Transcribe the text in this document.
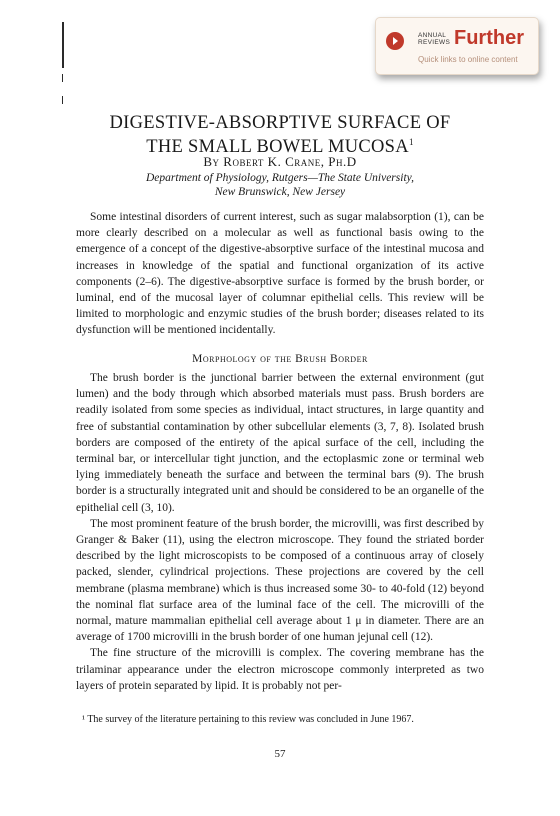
ANNUAL
REVIEWS Further
Quick links to online content
DIGESTIVE-ABSORPTIVE SURFACE OF
THE SMALL BOWEL MUCOSA$^1$
By Robert K. Crane, Ph.D
Department of Physiology, Rutgers—The State University,
New Brunswick, New Jersey

Some intestinal disorders of current interest, such as sugar malabsorption (1), can be more clearly described on a molecular as well as functional basis owing to the emergence of a concept of the digestive-absorptive surface of the intestinal mucosa and increases in knowledge of the spatial and functional organization of its active components (2–6). The digestive-absorptive surface is formed by the brush border, or luminal, end of the mucosal layer of columnar epithelial cells. This review will be limited to morphologic and enzymic studies of the brush border; diseases related to its dysfunction will be mentioned incidentally.

Morphology of the Brush Border

The brush border is the junctional barrier between the external environment (gut lumen) and the body through which absorbed materials must pass. Brush borders are readily isolated from some species as individual, intact structures, in large quantity and free of substantial contamination by other subcellular elements (3, 7, 8). Isolated brush borders are composed of the entirety of the apical surface of the cell, including the terminal bar, or intercellular tight junction, and the ectoplasmic zone or terminal web lying immediately beneath the surface and between the terminal bars (9). The brush border is a structurally integrated unit and should be considered to be an organelle of the epithelial cell (3, 10).

The most prominent feature of the brush border, the microvilli, was first described by Granger & Baker (11), using the electron microscope. They found the striated border described by the light microscopists to be composed of a continuous array of closely packed, slender, cylindrical projections. These projections are covered by the cell membrane (plasma membrane) which is thus increased some 30- to 40-fold (12) beyond the nominal flat surface area of the luminal face of the cell. The microvilli of the normal, mature mammalian epithelial cell average about 1 μ in diameter. There are an average of 1700 microvilli in the brush border of one human jejunal cell (12).

The fine structure of the microvilli is complex. The covering membrane has the trilaminar appearance under the electron microscope commonly interpreted as two layers of protein separated by lipid. It is probably not per-

¹ The survey of the literature pertaining to this review was concluded in June 1967.
57
